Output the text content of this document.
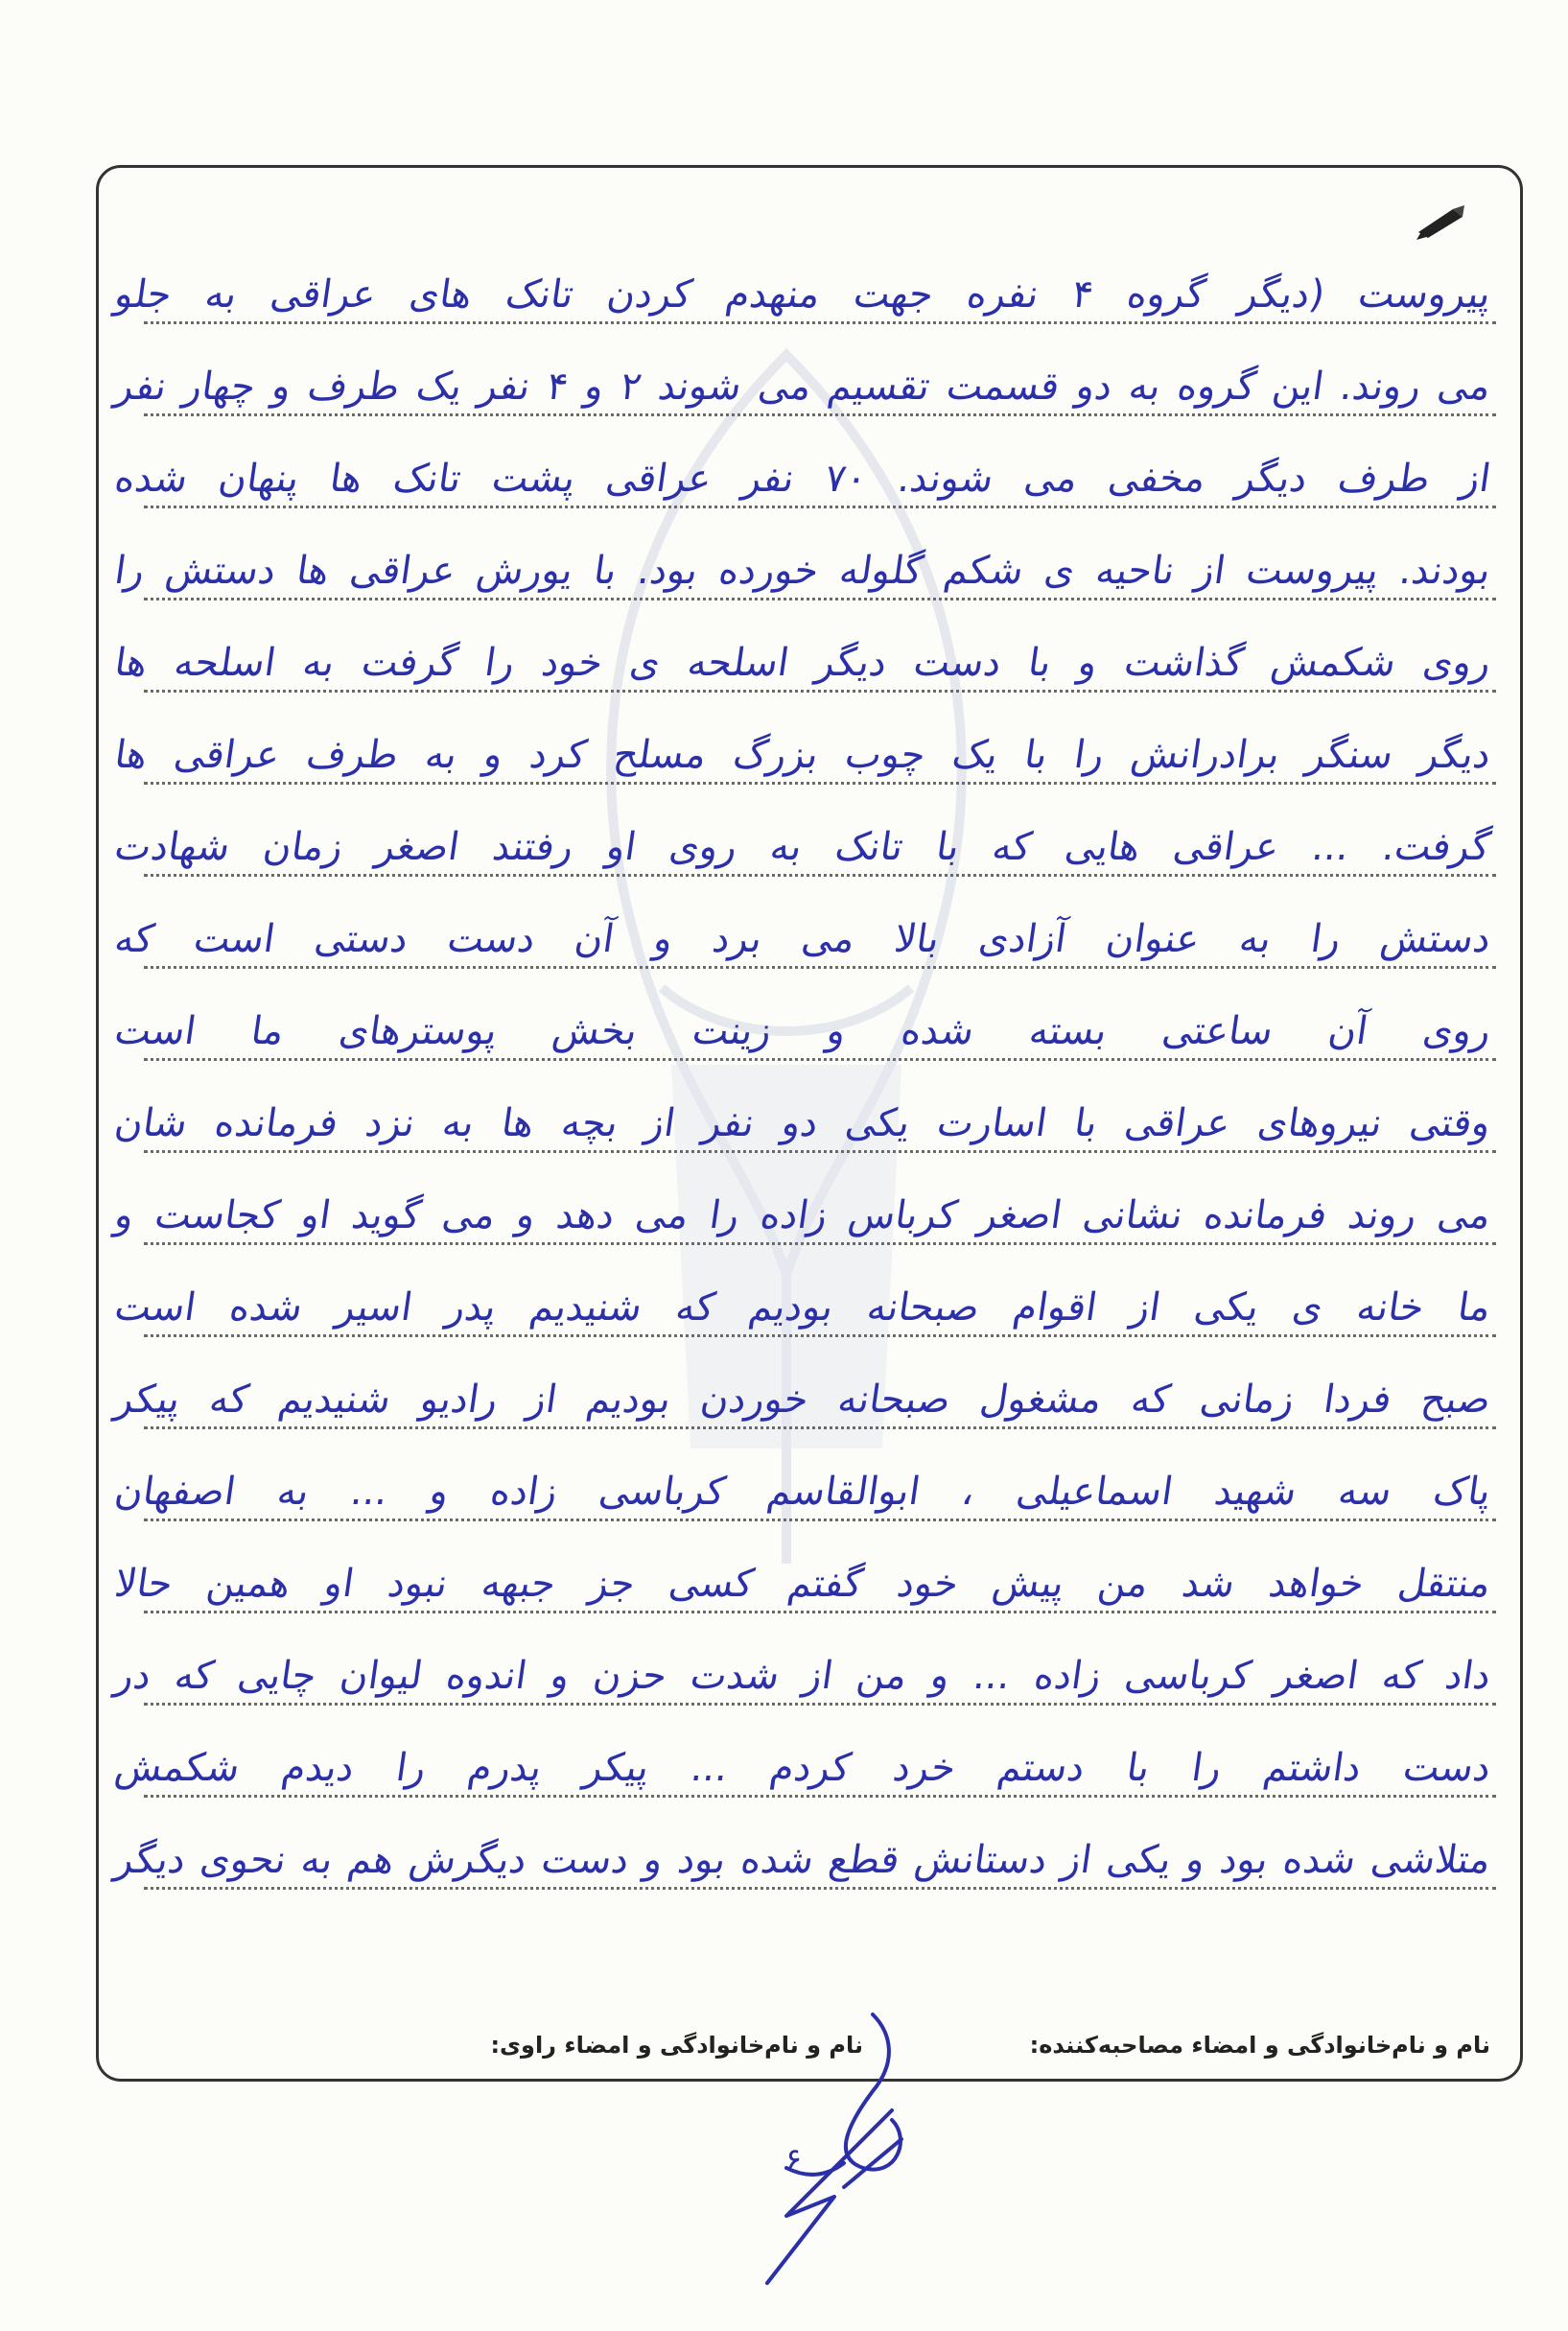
پیروست (دیگر گروه ۴ نفره جهت منهدم کردن تانک های عراقی به جلو
می روند. این گروه به دو قسمت تقسیم می شوند ۲ و ۴ نفر یک طرف و چهار نفر
از طرف دیگر مخفی می شوند. ۷۰ نفر عراقی پشت تانک ها پنهان شده
بودند. پیروست از ناحیه ی شکم گلوله خورده بود. با یورش عراقی ها دستش را
روی شکمش گذاشت و با دست دیگر اسلحه ی خود را گرفت به اسلحه ها
دیگر سنگر برادرانش را با یک چوب بزرگ مسلح کرد و به طرف عراقی ها
گرفت. ... عراقی هایی که با تانک به روی او رفتند اصغر زمان شهادت
دستش را به عنوان آزادی بالا می برد و آن دست دستی است که
روی آن ساعتی بسته شده و زینت بخش پوسترهای ما است
وقتی نیروهای عراقی با اسارت یکی دو نفر از بچه ها به نزد فرمانده شان
می روند فرمانده نشانی اصغر کرباس زاده را می دهد و می گوید او کجاست و
ما خانه ی یکی از اقوام صبحانه بودیم که شنیدیم پدر اسیر شده است
صبح فردا زمانی که مشغول صبحانه خوردن بودیم از رادیو شنیدیم که پیکر
پاک سه شهید اسماعیلی ، ابوالقاسم کرباسی زاده و ... به اصفهان
منتقل خواهد شد من پیش خود گفتم کسی جز جبهه نبود او همین حالا
داد که اصغر کرباسی زاده ... و من از شدت حزن و اندوه لیوان چایی که در
دست داشتم را با دستم خرد کردم ... پیکر پدرم را دیدم شکمش
متلاشی شده بود و یکی از دستانش قطع شده بود و دست دیگرش هم به نحوی دیگر
نام و نام‌خانوادگی و امضاء مصاحبه‌کننده:
نام و نام‌خانوادگی و امضاء راوی:
۶
